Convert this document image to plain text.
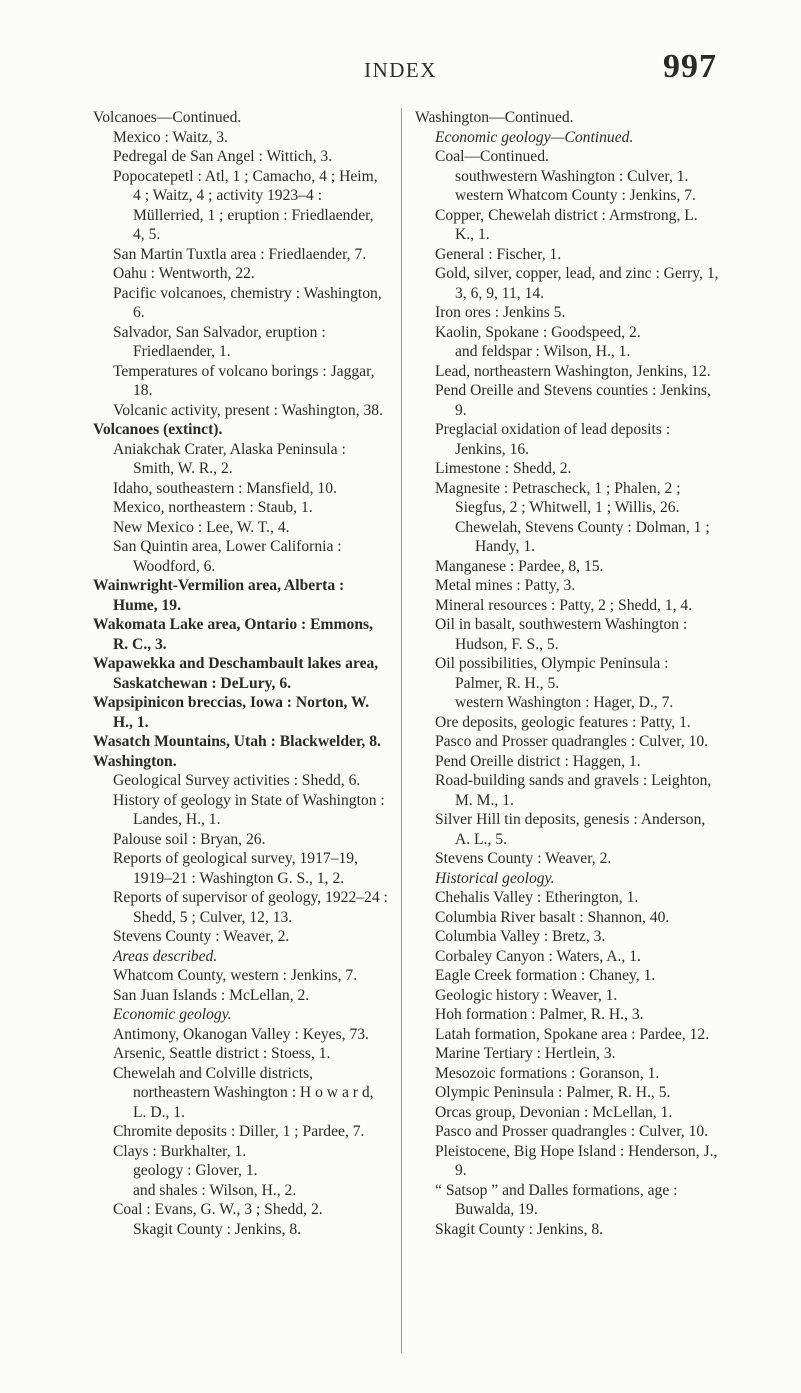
INDEX	997
Volcanoes—Continued.
Mexico : Waitz, 3.
Pedregal de San Angel : Wittich, 3.
Popocatepetl : Atl, 1 ; Camacho, 4 ; Heim, 4 ; Waitz, 4 ; activity 1923–4 : Müllerried, 1 ; eruption : Friedlaender, 4, 5.
San Martin Tuxtla area : Friedlaender, 7.
Oahu : Wentworth, 22.
Pacific volcanoes, chemistry : Washington, 6.
Salvador, San Salvador, eruption : Friedlaender, 1.
Temperatures of volcano borings : Jaggar, 18.
Volcanic activity, present : Washington, 38.
Volcanoes (extinct).
Aniakchak Crater, Alaska Peninsula : Smith, W. R., 2.
Idaho, southeastern : Mansfield, 10.
Mexico, northeastern : Staub, 1.
New Mexico : Lee, W. T., 4.
San Quintin area, Lower California : Woodford, 6.
Wainwright-Vermilion area, Alberta : Hume, 19.
Wakomata Lake area, Ontario : Emmons, R. C., 3.
Wapawekka and Deschambault lakes area, Saskatchewan : DeLury, 6.
Wapsipinicon breccias, Iowa : Norton, W. H., 1.
Wasatch Mountains, Utah : Blackwelder, 8.
Washington.
Geological Survey activities : Shedd, 6.
History of geology in State of Washington : Landes, H., 1.
Palouse soil : Bryan, 26.
Reports of geological survey, 1917–19, 1919–21 : Washington G. S., 1, 2.
Reports of supervisor of geology, 1922–24 : Shedd, 5 ; Culver, 12, 13.
Stevens County : Weaver, 2.
Areas described.
Whatcom County, western : Jenkins, 7.
San Juan Islands : McLellan, 2.
Economic geology.
Antimony, Okanogan Valley : Keyes, 73.
Arsenic, Seattle district : Stoess, 1.
Chewelah and Colville districts, northeastern Washington : H o w a r d, L. D., 1.
Chromite deposits : Diller, 1 ; Pardee, 7.
Clays : Burkhalter, 1.
geology : Glover, 1.
and shales : Wilson, H., 2.
Coal : Evans, G. W., 3 ; Shedd, 2.
Skagit County : Jenkins, 8.
Washington—Continued.
Economic geology—Continued.
Coal—Continued.
southwestern Washington : Culver, 1.
western Whatcom County : Jenkins, 7.
Copper, Chewelah district : Armstrong, L. K., 1.
General : Fischer, 1.
Gold, silver, copper, lead, and zinc : Gerry, 1, 3, 6, 9, 11, 14.
Iron ores : Jenkins 5.
Kaolin, Spokane : Goodspeed, 2.
and feldspar : Wilson, H., 1.
Lead, northeastern Washington, Jenkins, 12.
Pend Oreille and Stevens counties : Jenkins, 9.
Preglacial oxidation of lead deposits : Jenkins, 16.
Limestone : Shedd, 2.
Magnesite : Petrascheck, 1 ; Phalen, 2 ; Siegfus, 2 ; Whitwell, 1 ; Willis, 26.
Chewelah, Stevens County : Dolman, 1 ; Handy, 1.
Manganese : Pardee, 8, 15.
Metal mines : Patty, 3.
Mineral resources : Patty, 2 ; Shedd, 1, 4.
Oil in basalt, southwestern Washington : Hudson, F. S., 5.
Oil possibilities, Olympic Peninsula : Palmer, R. H., 5.
western Washington : Hager, D., 7.
Ore deposits, geologic features : Patty, 1.
Pasco and Prosser quadrangles : Culver, 10.
Pend Oreille district : Haggen, 1.
Road-building sands and gravels : Leighton, M. M., 1.
Silver Hill tin deposits, genesis : Anderson, A. L., 5.
Stevens County : Weaver, 2.
Historical geology.
Chehalis Valley : Etherington, 1.
Columbia River basalt : Shannon, 40.
Columbia Valley : Bretz, 3.
Corbaley Canyon : Waters, A., 1.
Eagle Creek formation : Chaney, 1.
Geologic history : Weaver, 1.
Hoh formation : Palmer, R. H., 3.
Latah formation, Spokane area : Pardee, 12.
Marine Tertiary : Hertlein, 3.
Mesozoic formations : Goranson, 1.
Olympic Peninsula : Palmer, R. H., 5.
Orcas group, Devonian : McLellan, 1.
Pasco and Prosser quadrangles : Culver, 10.
Pleistocene, Big Hope Island : Henderson, J., 9.
“ Satsop ” and Dalles formations, age : Buwalda, 19.
Skagit County : Jenkins, 8.
